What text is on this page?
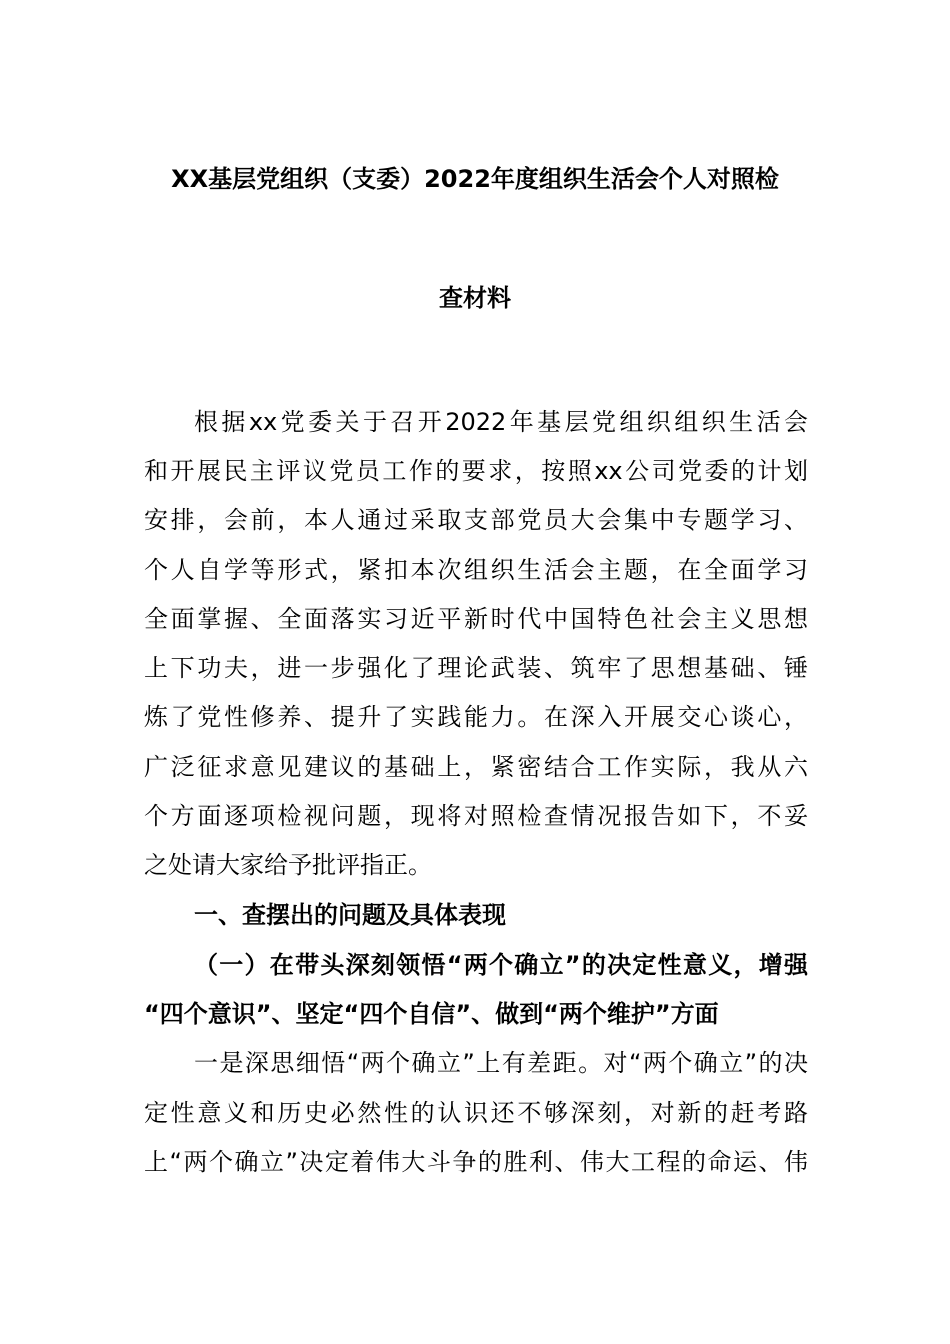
XX基层党组织（支委）2022年度组织生活会个人对照检
查材料
根据xx党委关于召开2022年基层党组织组织生活会
和开展民主评议党员工作的要求，按照xx公司党委的计划
安排，会前，本人通过采取支部党员大会集中专题学习、
个人自学等形式，紧扣本次组织生活会主题，在全面学习
全面掌握、全面落实习近平新时代中国特色社会主义思想
上下功夫，进一步强化了理论武装、筑牢了思想基础、锤
炼了党性修养、提升了实践能力。在深入开展交心谈心，
广泛征求意见建议的基础上，紧密结合工作实际，我从六
个方面逐项检视问题，现将对照检查情况报告如下，不妥
之处请大家给予批评指正。
一、查摆出的问题及具体表现
（一）在带头深刻领悟“两个确立”的决定性意义，增强
“四个意识”、坚定“四个自信”、做到“两个维护”方面
一是深思细悟“两个确立”上有差距。对“两个确立”的决
定性意义和历史必然性的认识还不够深刻，对新的赶考路
上“两个确立”决定着伟大斗争的胜利、伟大工程的命运、伟
